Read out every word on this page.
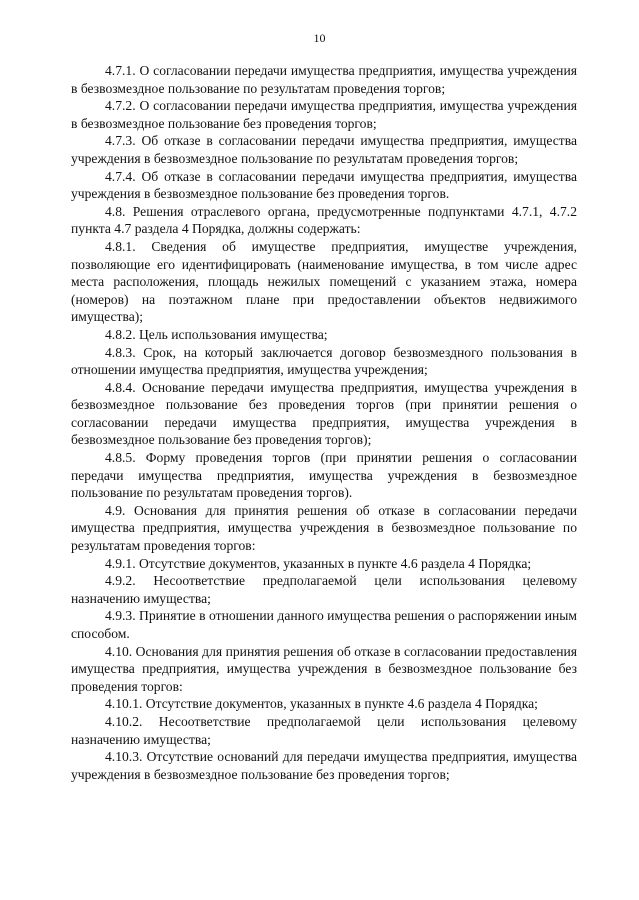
10

4.7.1. О согласовании передачи имущества предприятия, имущества учреждения в безвозмездное пользование по результатам проведения торгов;

4.7.2. О согласовании передачи имущества предприятия, имущества учреждения в безвозмездное пользование без проведения торгов;

4.7.3. Об отказе в согласовании передачи имущества предприятия, имущества учреждения в безвозмездное пользование по результатам проведения торгов;

4.7.4. Об отказе в согласовании передачи имущества предприятия, имущества учреждения в безвозмездное пользование без проведения торгов.

4.8. Решения отраслевого органа, предусмотренные подпунктами 4.7.1, 4.7.2 пункта 4.7 раздела 4 Порядка, должны содержать:

4.8.1. Сведения об имуществе предприятия, имуществе учреждения, позволяющие его идентифицировать (наименование имущества, в том числе адрес места расположения, площадь нежилых помещений с указанием этажа, номера (номеров) на поэтажном плане при предоставлении объектов недвижимого имущества);

4.8.2. Цель использования имущества;

4.8.3. Срок, на который заключается договор безвозмездного пользования в отношении имущества предприятия, имущества учреждения;

4.8.4. Основание передачи имущества предприятия, имущества учреждения в безвозмездное пользование без проведения торгов (при принятии решения о согласовании передачи имущества предприятия, имущества учреждения в безвозмездное пользование без проведения торгов);

4.8.5. Форму проведения торгов (при принятии решения о согласовании передачи имущества предприятия, имущества учреждения в безвозмездное пользование по результатам проведения торгов).

4.9. Основания для принятия решения об отказе в согласовании передачи имущества предприятия, имущества учреждения в безвозмездное пользование по результатам проведения торгов:

4.9.1. Отсутствие документов, указанных в пункте 4.6 раздела 4 Порядка;

4.9.2. Несоответствие предполагаемой цели использования целевому назначению имущества;

4.9.3. Принятие в отношении данного имущества решения о распоряжении иным способом.

4.10. Основания для принятия решения об отказе в согласовании предоставления имущества предприятия, имущества учреждения в безвозмездное пользование без проведения торгов:

4.10.1. Отсутствие документов, указанных в пункте 4.6 раздела 4 Порядка;

4.10.2. Несоответствие предполагаемой цели использования целевому назначению имущества;

4.10.3. Отсутствие оснований для передачи имущества предприятия, имущества учреждения в безвозмездное пользование без проведения торгов;
